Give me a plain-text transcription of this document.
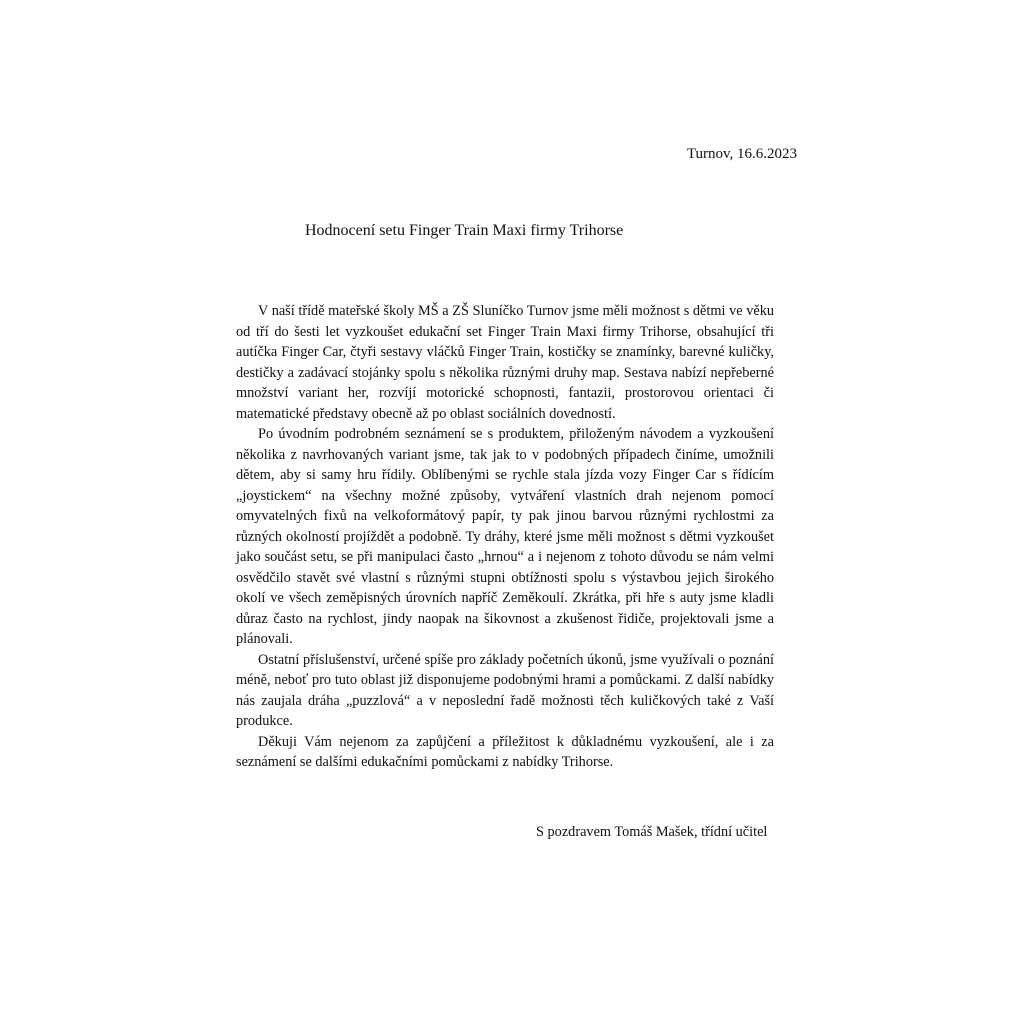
Turnov, 16.6.2023
Hodnocení setu Finger Train Maxi firmy Trihorse

V naší třídě mateřské školy MŠ a ZŠ Sluníčko Turnov jsme měli možnost s dětmi ve věku od tří do šesti let vyzkoušet edukační set Finger Train Maxi firmy Trihorse, obsahující tři autíčka Finger Car, čtyři sestavy vláčků Finger Train, kostičky se znamínky, barevné kuličky, destičky a zadávací stojánky spolu s několika různými druhy map. Sestava nabízí nepřeberné množství variant her, rozvíjí motorické schopnosti, fantazii, prostorovou orientaci či matematické představy obecně až po oblast sociálních dovedností.

Po úvodním podrobném seznámení se s produktem, přiloženým návodem a vyzkoušení několika z navrhovaných variant jsme, tak jak to v podobných případech činíme, umožnili dětem, aby si samy hru řídily. Oblíbenými se rychle stala jízda vozy Finger Car s řídícím „joystickem“ na všechny možné způsoby, vytváření vlastních drah nejenom pomocí omyvatelných fixů na velkoformátový papír, ty pak jinou barvou různými rychlostmi za různých okolností projíždět a podobně. Ty dráhy, které jsme měli možnost s dětmi vyzkoušet jako součást setu, se při manipulaci často „hrnou“ a i nejenom z tohoto důvodu se nám velmi osvědčilo stavět své vlastní s různými stupni obtížnosti spolu s výstavbou jejich širokého okolí ve všech zeměpisných úrovních napříč Zeměkoulí. Zkrátka, při hře s auty jsme kladli důraz často na rychlost, jindy naopak na šikovnost a zkušenost řidiče, projektovali jsme a plánovali.

Ostatní příslušenství, určené spíše pro základy početních úkonů, jsme využívali o poznání méně, neboť pro tuto oblast již disponujeme podobnými hrami a pomůckami. Z další nabídky nás zaujala dráha „puzzlová“ a v neposlední řadě možnosti těch kuličkových také z Vaší produkce.

Děkuji Vám nejenom za zapůjčení a příležitost k důkladnému vyzkoušení, ale i za seznámení se dalšími edukačními pomůckami z nabídky Trihorse.

S pozdravem Tomáš Mašek, třídní učitel
